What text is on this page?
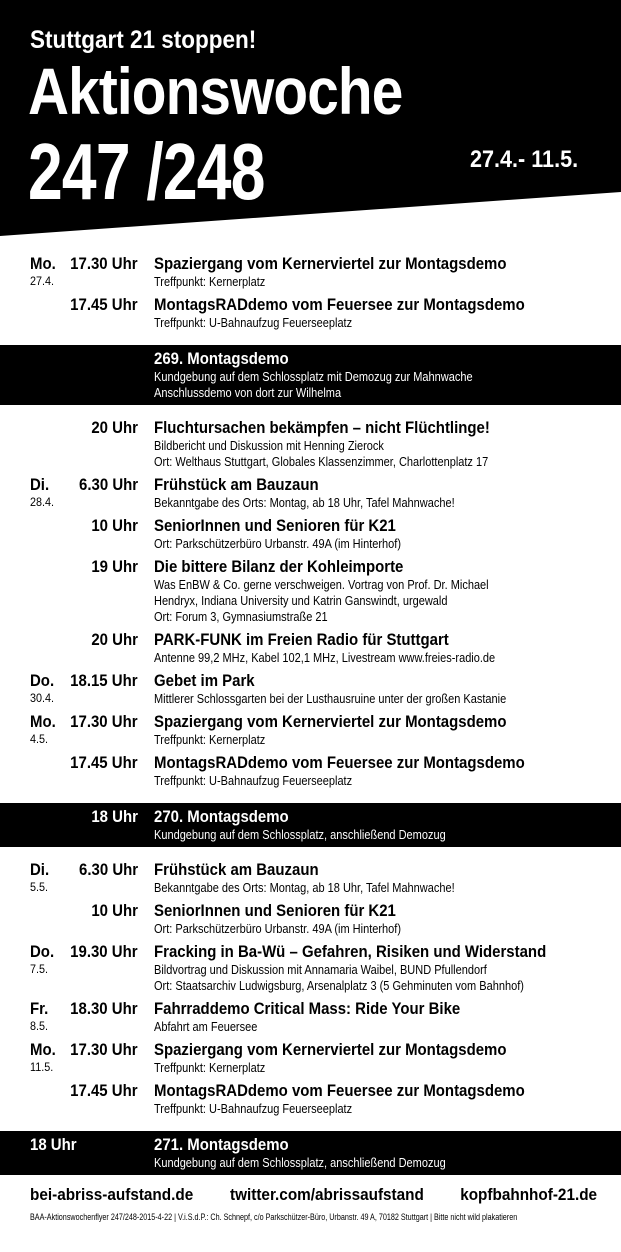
Stuttgart 21 stoppen!
Aktionswoche
247 /248	27.4.- 11.5.
Mo.
27.4.
17.30 Uhr Spaziergang vom Kernerviertel zur Montagsdemo
Treffpunkt: Kernerplatz
17.45 Uhr MontagsRADdemo vom Feuersee zur Montagsdemo
Treffpunkt: U-Bahnaufzug Feuerseeplatz
269. Montagsdemo
Kundgebung auf dem Schlossplatz mit Demozug zur Mahnwache
Anschlussdemo von dort zur Wilhelma
20 Uhr Fluchtursachen bekämpfen – nicht Flüchtlinge!
Bildbericht und Diskussion mit Henning Zierock
Ort: Welthaus Stuttgart, Globales Klassenzimmer, Charlottenplatz 17
Di.
28.4.
6.30 Uhr Frühstück am Bauzaun
Bekanntgabe des Orts: Montag, ab 18 Uhr, Tafel Mahnwache!
10 Uhr SeniorInnen und Senioren für K21
Ort: Parkschützerbüro Urbanstr. 49A (im Hinterhof)
19 Uhr Die bittere Bilanz der Kohleimporte
Was EnBW & Co. gerne verschweigen. Vortrag von Prof. Dr. Michael
Hendryx, Indiana University und Katrin Ganswindt, urgewald
Ort: Forum 3, Gymnasiumstraße 21
20 Uhr PARK-FUNK im Freien Radio für Stuttgart
Antenne 99,2 MHz, Kabel 102,1 MHz, Livestream www.freies-radio.de
Do.
30.4.
18.15 Uhr Gebet im Park
Mittlerer Schlossgarten bei der Lusthausruine unter der großen Kastanie
Mo.
4.5.
17.30 Uhr Spaziergang vom Kernerviertel zur Montagsdemo
Treffpunkt: Kernerplatz
17.45 Uhr MontagsRADdemo vom Feuersee zur Montagsdemo
Treffpunkt: U-Bahnaufzug Feuerseeplatz
18 Uhr 270. Montagsdemo
Kundgebung auf dem Schlossplatz, anschließend Demozug
Di.
5.5.
6.30 Uhr Frühstück am Bauzaun
Bekanntgabe des Orts: Montag, ab 18 Uhr, Tafel Mahnwache!
10 Uhr SeniorInnen und Senioren für K21
Ort: Parkschützerbüro Urbanstr. 49A (im Hinterhof)
Do.
7.5.
19.30 Uhr Fracking in Ba-Wü – Gefahren, Risiken und Widerstand
Bildvortrag und Diskussion mit Annamaria Waibel, BUND Pfullendorf
Ort: Staatsarchiv Ludwigsburg, Arsenalplatz 3 (5 Gehminuten vom Bahnhof)
Fr.
8.5.
18.30 Uhr Fahrraddemo Critical Mass: Ride Your Bike
Abfahrt am Feuersee
Mo.
11.5.
17.30 Uhr Spaziergang vom Kernerviertel zur Montagsdemo
Treffpunkt: Kernerplatz
17.45 Uhr MontagsRADdemo vom Feuersee zur Montagsdemo
Treffpunkt: U-Bahnaufzug Feuerseeplatz
18 Uhr	271. Montagsdemo
Kundgebung auf dem Schlossplatz, anschließend Demozug
bei-abriss-aufstand.de twitter.com/abrissaufstand kopfbahnhof-21.de
BAA-Aktionswochenflyer 247/248-2015-4-22 | V.i.S.d.P.: Ch. Schnepf, c/o Parkschützer-Büro, Urbanstr. 49 A, 70182 Stuttgart | Bitte nicht wild plakatieren
